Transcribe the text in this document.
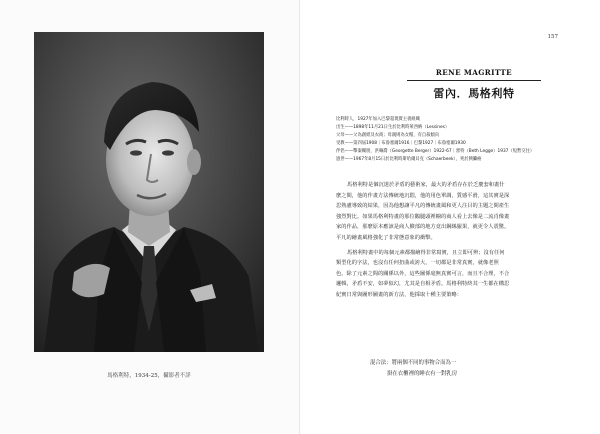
馬格利特，1934-25，攝影者不詳
157
RENE MAGRITTE
雷內．馬格利特
比利時人，1927年加入巴黎超現實主義組織
出生——1898年11月21日生於比利時萊西納（Lessines）
父母——父為創紙及衣商；母親則為女帽，有自殺傾向
受教——第四屆1908｜布魯塞爾1916｜巴黎1927｜布魯塞爾1930
伴侶——擊秦關朋，洪嘛喬（Georgette Berger）1922-67｜蕾特（Beth Legge）1937（短暫交往）
過世——1967年8月15日於比利時斯哈爾貝克（Schaerbeek），死於胰臟癌
馬格利特是個沉迷於矛盾的藝術家，最大的矛盾存在於乏慶套和畫什
麼之間，他的作畫方法傳統地沉悶，他的用色單調，質感平滑，這其實是深
思熟慮導致的結果，因為他想讓平凡的傳統畫風和更人注目的主題之間產生
強烈對比。如果馬格利特畫的那位鵝腿頭裡櫥的商人看上去像是二流肖像畫
家的作品，那麼原本應該是商人臉部的地方竟出鋼絲羅果，就更令人震驚。
平凡的繪畫風格強化了非常態意象的衝擊。
馬格利特畫中的每個元素都描繪得非常寫實，且立即可辨；沒有任何
類型化的字法，也沒有任何扭曲或誇大，一切都是非常真實，就像老照
色。除了元素之間的關係以外，這些圖係毫無真實可言，而且不合理，不合
邏輯，矛盾不安，如夢似幻，尤其是自相矛盾。馬格利特終其一生都在構思
紀實日常與圖形圖畫的新方法，他採取十種主要策略：
混合法：將兩個不同的事物合而為一
掛在衣櫃裡的睡衣有一對乳房
